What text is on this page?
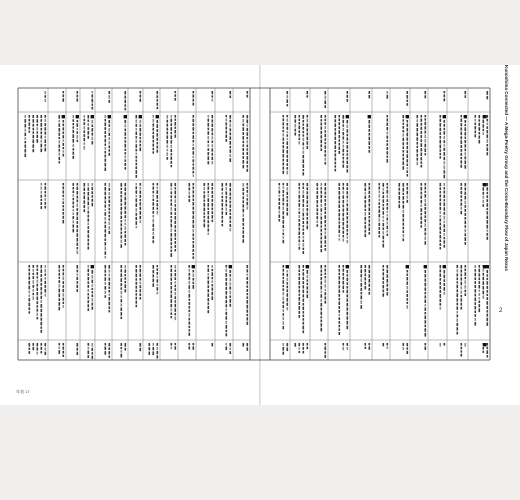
Kunoshima Connected — A Mega-Poetry Group and the Cross-Boundary Flow of Japan Nexus
2
年表 17
